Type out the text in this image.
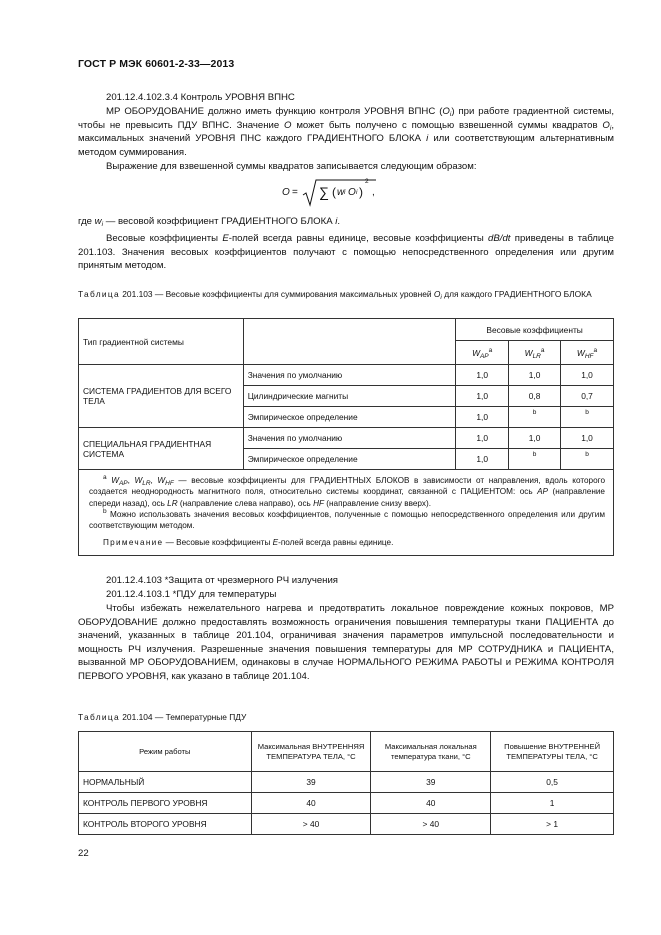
ГОСТ Р МЭК 60601-2-33—2013
201.12.4.102.3.4 Контроль УРОВНЯ ВПНС
МР ОБОРУДОВАНИЕ должно иметь функцию контроля УРОВНЯ ВПНС $(O_i)$ при работе градиентной системы, чтобы не превысить ПДУ ВПНС. Значение O может быть получено с помощью взвешенной суммы квадратов $O_i$, максимальных значений УРОВНЯ ПНС каждого ГРАДИЕНТНОГО БЛОКА i или соответствующим альтернативным методом суммирования.
Выражение для взвешенной суммы квадратов записывается следующим образом:
O = ∑ ( w i O i )
2
,
где $w_i$ — весовой коэффициент ГРАДИЕНТНОГО БЛОКА i.
Весовые коэффициенты E-полей всегда равны единице, весовые коэффициенты dB/dt приведены в таблице 201.103. Значения весовых коэффициентов получают с помощью непосредственного определения или другим принятым методом.
Таблица 201.103 — Весовые коэффициенты для суммирования максимальных уровней $O_i$ для каждого ГРАДИЕНТНОГО БЛОКА
Тип градиентной системы		Весовые коэффициенты		
		$W_{AP}^a$	$W_{LR}^a$	$W_{HF}^a$
СИСТЕМА ГРАДИЕНТОВ ДЛЯ ВСЕГО ТЕЛА	Значения по умолчанию	1,0	1,0	1,0
	Цилиндрические магниты	1,0	0,8	0,7
	Эмпирическое определение	1,0	$^b$	$^b$
СПЕЦИАЛЬНАЯ ГРАДИЕНТНАЯ СИСТЕМА	Значения по умолчанию	1,0	1,0	1,0
	Эмпирическое определение	1,0	$^b$	$^b$

$^a$ $W_{AP}$, $W_{LR}$, $W_{HF}$ — весовые коэффициенты для ГРАДИЕНТНЫХ БЛОКОВ в зависимости от направления, вдоль которого создается неоднородность магнитного поля, относительно системы координат, связанной с ПАЦИЕНТОМ: ось AP (направление спереди назад), ось LR (направление слева направо), ось HF (направление снизу вверх).
$^b$ Можно использовать значения весовых коэффициентов, полученные с помощью непосредственного определения или другим соответствующим методом.
Примечание — Весовые коэффициенты E-полей всегда равны единице.				
201.12.4.103 *Защита от чрезмерного РЧ излучения
201.12.4.103.1 *ПДУ для температуры
Чтобы избежать нежелательного нагрева и предотвратить локальное повреждение кожных покровов, МР ОБОРУДОВАНИЕ должно предоставлять возможность ограничения повышения температуры ткани ПАЦИЕНТА до значений, указанных в таблице 201.104, ограничивая значения параметров импульсной последовательности и мощность РЧ излучения. Разрешенные значения повышения температуры для МР СОТРУДНИКА и ПАЦИЕНТА, вызванной МР ОБОРУДОВАНИЕМ, одинаковы в случае НОРМАЛЬНОГО РЕЖИМА РАБОТЫ и РЕЖИМА КОНТРОЛЯ ПЕРВОГО УРОВНЯ, как указано в таблице 201.104.
Таблица 201.104 — Температурные ПДУ
Режим работы	Максимальная ВНУТРЕННЯЯ ТЕМПЕРАТУРА ТЕЛА, °С	Максимальная локальная температура ткани, °С	Повышение ВНУТРЕННЕЙ ТЕМПЕРАТУРЫ ТЕЛА, °С
НОРМАЛЬНЫЙ	39	39	0,5
КОНТРОЛЬ ПЕРВОГО УРОВНЯ	40	40	1
КОНТРОЛЬ ВТОРОГО УРОВНЯ	> 40	> 40	> 1
22
